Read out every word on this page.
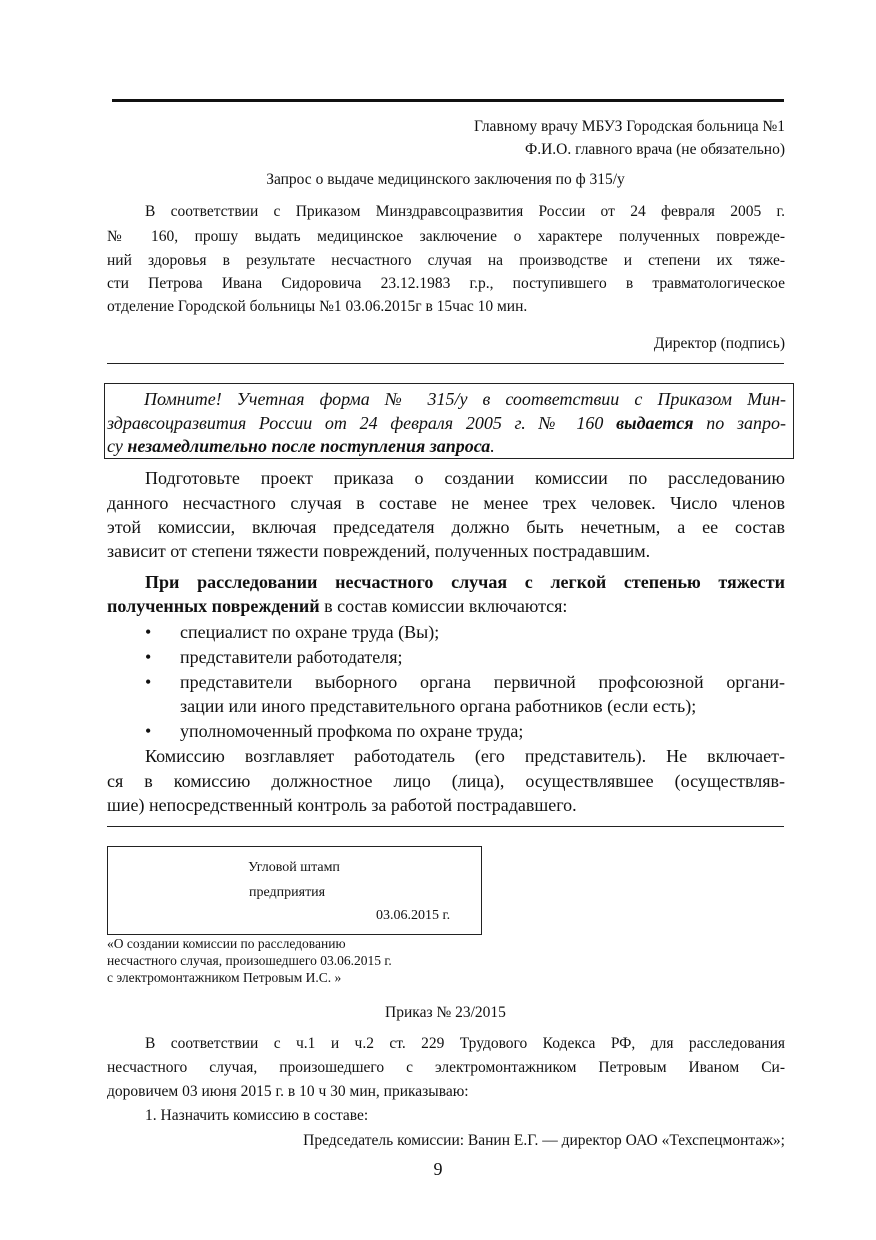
Главному врачу МБУЗ Городская больница №1
Ф.И.О. главного врача (не обязательно)
Запрос о выдаче медицинского заключения по ф 315/у
В соответствии с Приказом Минздравсоцразвития России от 24 февраля 2005 г.
№ 160, прошу выдать медицинское заключение о характере полученных поврежде-
ний здоровья в результате несчастного случая на производстве и степени их тяже-
сти Петрова Ивана Сидоровича 23.12.1983 г.р., поступившего в травматологическое
отделение Городской больницы №1 03.06.2015г в 15час 10 мин.
Директор (подпись)
Помните! Учетная форма № 315/у в соответствии с Приказом Мин-
здравсоцразвития России от 24 февраля 2005 г. № 160 выдается по запро-
су незамедлительно после поступления запроса.
Подготовьте проект приказа о создании комиссии по расследованию
данного несчастного случая в составе не менее трех человек. Число членов
этой комиссии, включая председателя должно быть нечетным, а ее состав
зависит от степени тяжести повреждений, полученных пострадавшим.
При расследовании несчастного случая с легкой степенью тяжести
полученных повреждений в состав комиссии включаются:
• специалист по охране труда (Вы);
• представители работодателя;
• представители выборного органа первичной профсоюзной органи-
зации или иного представительного органа работников (если есть);
• уполномоченный профкома по охране труда;
Комиссию возглавляет работодатель (его представитель). Не включает-
ся в комиссию должностное лицо (лица), осуществлявшее (осуществляв-
шие) непосредственный контроль за работой пострадавшего.
Угловой штамп
предприятия
03.06.2015 г.
«О создании комиссии по расследованию
несчастного случая, произошедшего 03.06.2015 г.
с электромонтажником Петровым И.С. »
Приказ № 23/2015
В соответствии с ч.1 и ч.2 ст. 229 Трудового Кодекса РФ, для расследования
несчастного случая, произошедшего с электромонтажником Петровым Иваном Си-
доровичем 03 июня 2015 г. в 10 ч 30 мин, приказываю:
1. Назначить комиссию в составе:
Председатель комиссии: Ванин Е.Г. — директор ОАО «Техспецмонтаж»;
9
